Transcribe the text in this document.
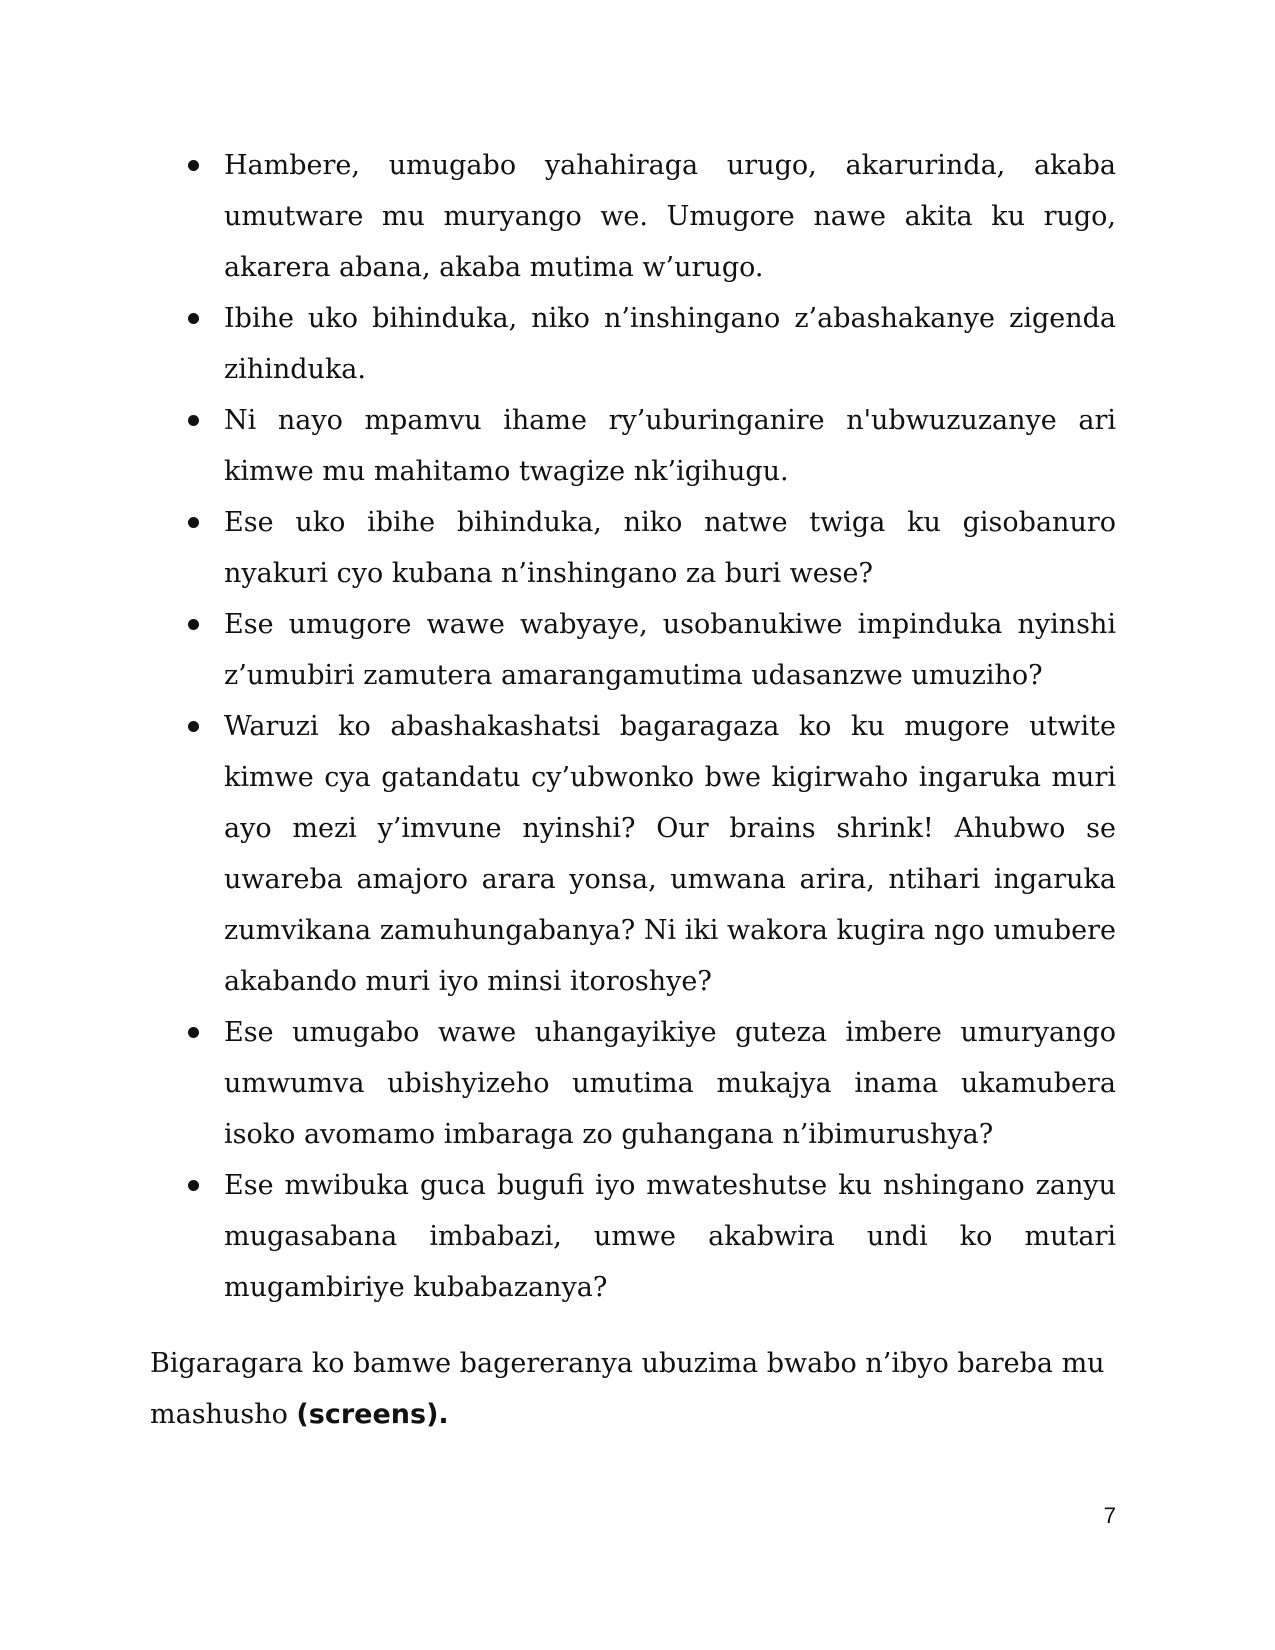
Hambere, umugabo yahahiraga urugo, akarurinda, akaba umutware mu muryango we. Umugore nawe akita ku rugo, akarera abana, akaba mutima w’urugo.
Ibihe uko bihinduka, niko n’inshingano z’abashakanye zigenda zihinduka.
Ni nayo mpamvu ihame ry’uburinganire n'ubwuzuzanye ari kimwe mu mahitamo twagize nk’igihugu.
Ese uko ibihe bihinduka, niko natwe twiga ku gisobanuro nyakuri cyo kubana n’inshingano za buri wese?
Ese umugore wawe wabyaye, usobanukiwe impinduka nyinshi z’umubiri zamutera amarangamutima udasanzwe umuziho?
Waruzi ko abashakashatsi bagaragaza ko ku mugore utwite kimwe cya gatandatu cy’ubwonko bwe kigirwaho ingaruka muri ayo mezi y’imvune nyinshi? Our brains shrink! Ahubwo se uwareba amajoro arara yonsa, umwana arira, ntihari ingaruka zumvikana zamuhungabanya? Ni iki wakora kugira ngo umubere akabando muri iyo minsi itoroshye?
Ese umugabo wawe uhangayikiye guteza imbere umuryango umwumva ubishyizeho umutima mukajya inama ukamubera isoko avomamo imbaraga zo guhangana n’ibimurushya?
Ese mwibuka guca bugufi iyo mwateshutse ku nshingano zanyu mugasabana imbabazi, umwe akabwira undi ko mutari mugambiriye kubabazanya?

Bigaragara ko bamwe bagereranya ubuzima bwabo n’ibyo bareba mu mashusho (screens).

7
